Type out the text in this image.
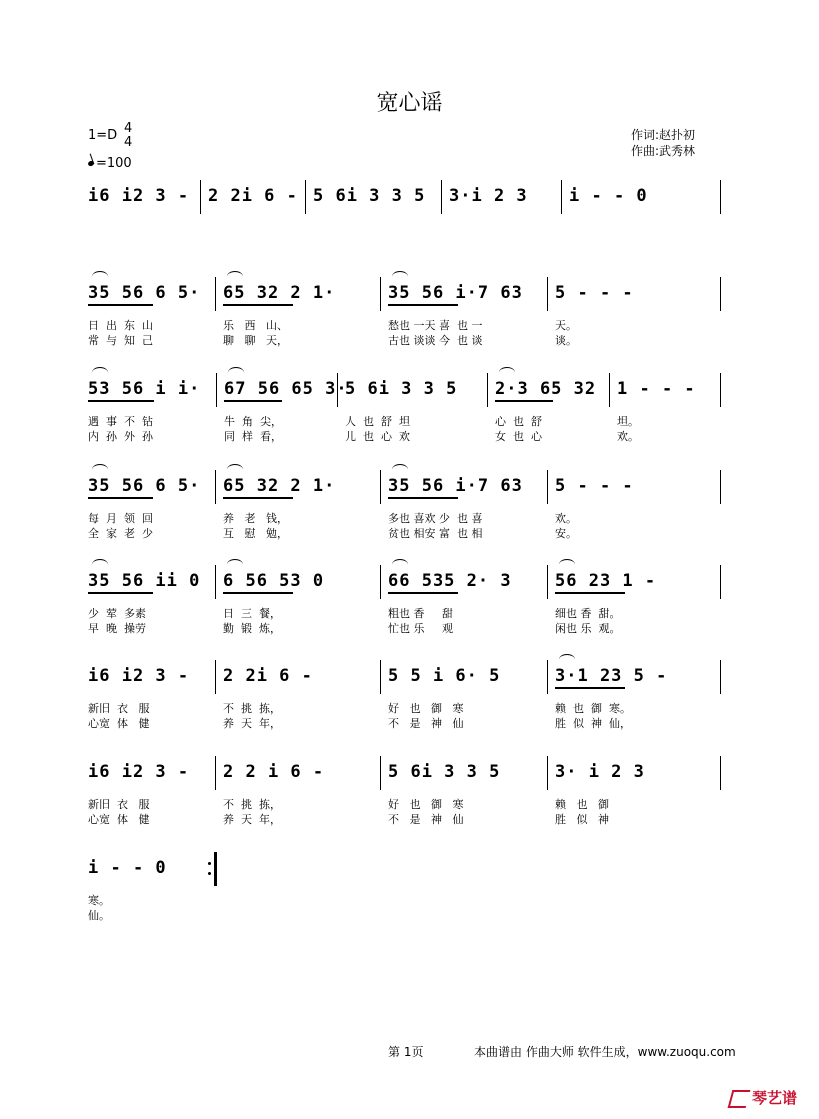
宽心谣
1=D 4
4
=100
作词:赵扑初
作曲:武秀林
i6 i2 3 - 2 2i 6 - 5 6i 3 3 5 3·i 2 3 i - - 0
35 56 6 5·
日  出  东  山
常  与  知  己
65 32 2 1·
乐   西   山、
聊   聊   天，
35 56 i·7 63
愁也 一天 喜  也 一
古也 谈谈 今  也 谈
5 - - -
天。
谈。
53 56 i i·
遇  事  不  钻
内  孙  外  孙
67 56 65 3·
牛  角  尖，
同  样  看，
5 6i 3 3 5
人  也  舒  坦
儿  也  心  欢
2·3 65 32
心  也  舒
女  也  心
1 - - -
坦。
欢。
35 56 6 5·
每  月  领  回
全  家  老  少
65 32 2 1·
养   老   钱，
互   慰   勉，
35 56 i·7 63
多也 喜欢 少  也 喜
贫也 相安 富  也 相
5 - - -
欢。
安。
35 56 ii 0
少  荤  多素
早  晚  操劳
6 56 53 0
日  三  餐，
勤  锻  炼，
66 535 2· 3
粗也 香     甜
忙也 乐     观
56 23 1 -
细也 香  甜。
闲也 乐  观。
i6 i2 3 -
新旧  衣   服
心宽  体   健
2 2i 6 -
不  挑  拣，
养  天  年，
5 5 i 6· 5
好   也   御   寒
不   是   神   仙
3·1 23 5 -
赖  也  御  寒。
胜  似  神  仙，
i6 i2 3 -
新旧  衣   服
心宽  体   健
2 2 i 6 -
不  挑  拣，
养  天  年，
5 6i 3 3 5
好   也   御   寒
不   是   神   仙
3· i 2 3
赖   也   御
胜   似   神
i - - 0
寒。
仙。
第 1页	本曲谱由 作曲大师 软件生成，www.zuoqu.com
琴艺谱
